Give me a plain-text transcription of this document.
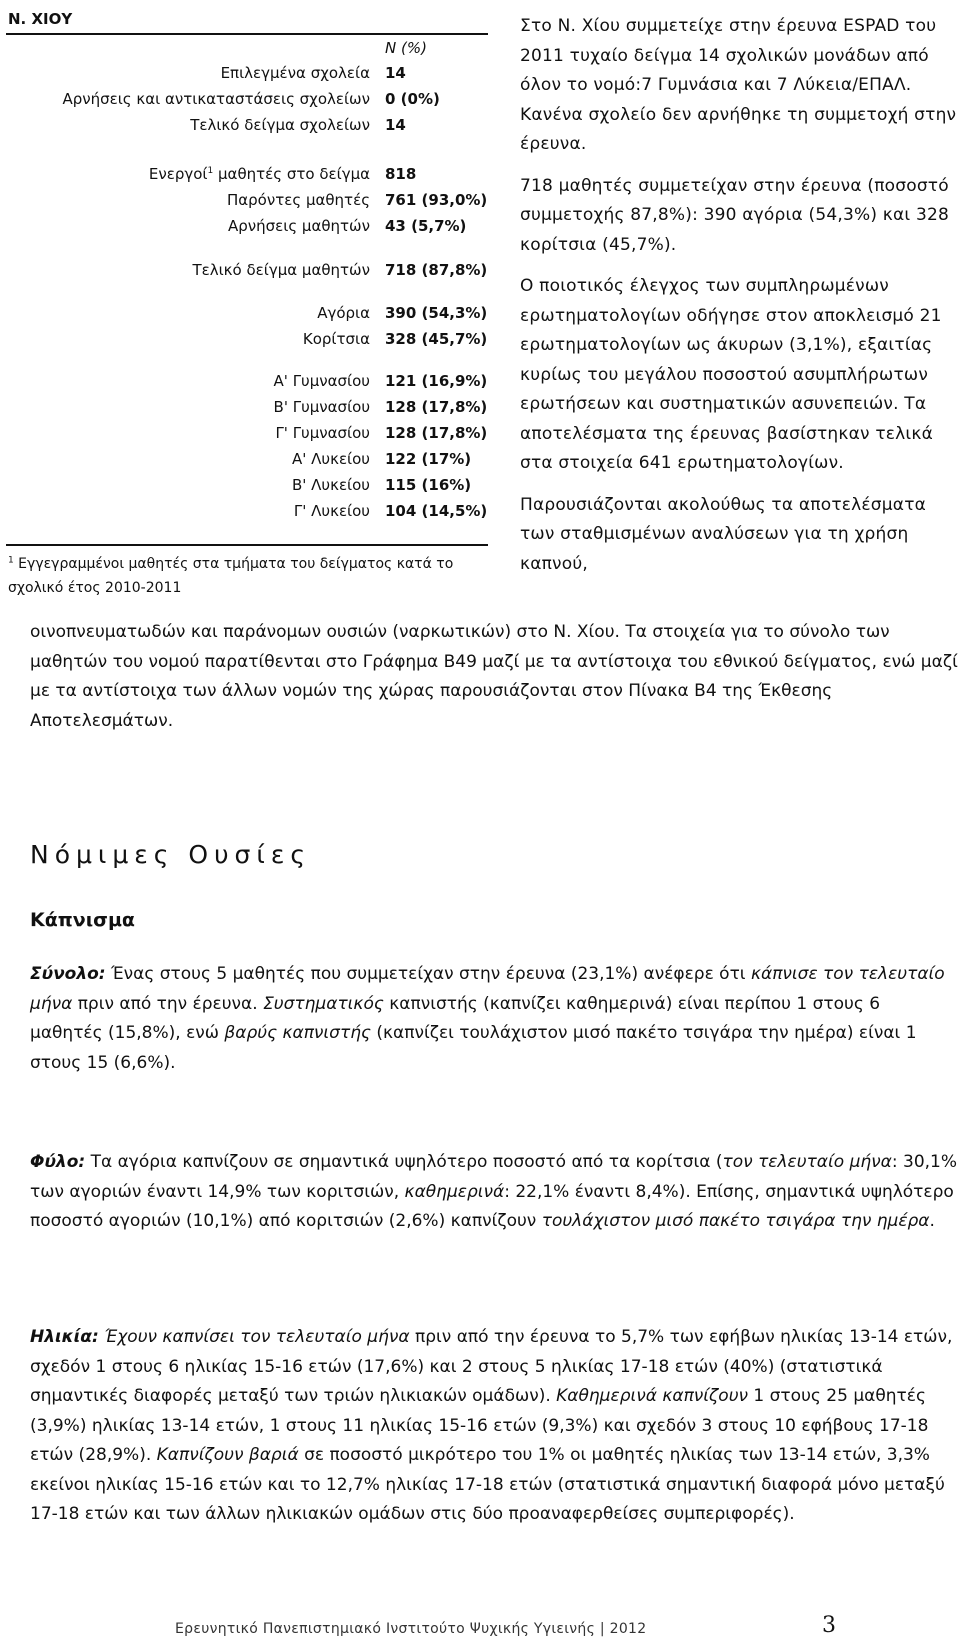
Ν. ΧΙΟΥ
N (%)
Επιλεγμένα σχολεία 14
Αρνήσεις και αντικαταστάσεις σχολείων 0 (0%)
Τελικό δείγμα σχολείων 14
Ενεργοί$^1$ μαθητές στο δείγμα 818
Παρόντες μαθητές 761 (93,0%)
Αρνήσεις μαθητών 43 (5,7%)
Τελικό δείγμα μαθητών 718 (87,8%)
Αγόρια 390 (54,3%)
Κορίτσια 328 (45,7%)
Α' Γυμνασίου 121 (16,9%)
Β' Γυμνασίου 128 (17,8%)
Γ' Γυμνασίου 128 (17,8%)
Α' Λυκείου 122 (17%)
Β' Λυκείου 115 (16%)
Γ' Λυκείου 104 (14,5%)
$^1$ Εγγεγραμμένοι μαθητές στα τμήματα του δείγματος κατά το σχολικό έτος 2010-2011

Στο Ν. Χίου συμμετείχε στην έρευνα ESPAD του 2011 τυχαίο δείγμα 14 σχολικών μονάδων από όλον το νομό:7 Γυμνάσια και 7 Λύκεια/ΕΠΑΛ. Κανένα σχολείο δεν αρνήθηκε τη συμμετοχή στην έρευνα.

718 μαθητές συμμετείχαν στην έρευνα (ποσοστό συμμετοχής 87,8%): 390 αγόρια (54,3%) και 328 κορίτσια (45,7%).

Ο ποιοτικός έλεγχος των συμπληρωμένων ερωτηματολογίων οδήγησε στον αποκλεισμό 21 ερωτηματολογίων ως άκυρων (3,1%), εξαιτίας κυρίως του μεγάλου ποσοστού ασυμπλήρωτων ερωτήσεων και συστηματικών ασυνεπειών. Τα αποτελέσματα της έρευνας βασίστηκαν τελικά στα στοιχεία 641 ερωτηματολογίων.

Παρουσιάζονται ακολούθως τα αποτελέσματα των σταθμισμένων αναλύσεων για τη χρήση καπνού,

οινοπνευματωδών και παράνομων ουσιών (ναρκωτικών) στο Ν. Χίου. Τα στοιχεία για το σύνολο των μαθητών του νομού παρατίθενται στο Γράφημα Β49 μαζί με τα αντίστοιχα του εθνικού δείγματος, ενώ μαζί με τα αντίστοιχα των άλλων νομών της χώρας παρουσιάζονται στον Πίνακα Β4 της Έκθεσης Αποτελεσμάτων.
Νόμιμες Ουσίες
Κάπνισμα
Σύνολο: Ένας στους 5 μαθητές που συμμετείχαν στην έρευνα (23,1%) ανέφερε ότι κάπνισε τον τελευταίο μήνα πριν από την έρευνα. Συστηματικός καπνιστής (καπνίζει καθημερινά) είναι περίπου 1 στους 6 μαθητές (15,8%), ενώ βαρύς καπνιστής (καπνίζει τουλάχιστον μισό πακέτο τσιγάρα την ημέρα) είναι 1 στους 15 (6,6%).
Φύλο: Τα αγόρια καπνίζουν σε σημαντικά υψηλότερο ποσοστό από τα κορίτσια (τον τελευταίο μήνα: 30,1% των αγοριών έναντι 14,9% των κοριτσιών, καθημερινά: 22,1% έναντι 8,4%). Επίσης, σημαντικά υψηλότερο ποσοστό αγοριών (10,1%) από κοριτσιών (2,6%) καπνίζουν τουλάχιστον μισό πακέτο τσιγάρα την ημέρα.
Ηλικία: Έχουν καπνίσει τον τελευταίο μήνα πριν από την έρευνα το 5,7% των εφήβων ηλικίας 13-14 ετών, σχεδόν 1 στους 6 ηλικίας 15-16 ετών (17,6%) και 2 στους 5 ηλικίας 17-18 ετών (40%) (στατιστικά σημαντικές διαφορές μεταξύ των τριών ηλικιακών ομάδων). Καθημερινά καπνίζουν 1 στους 25 μαθητές (3,9%) ηλικίας 13-14 ετών, 1 στους 11 ηλικίας 15-16 ετών (9,3%) και σχεδόν 3 στους 10 εφήβους 17-18 ετών (28,9%). Καπνίζουν βαριά σε ποσοστό μικρότερο του 1% οι μαθητές ηλικίας των 13-14 ετών, 3,3% εκείνοι ηλικίας 15-16 ετών και το 12,7% ηλικίας 17-18 ετών (στατιστικά σημαντική διαφορά μόνο μεταξύ 17-18 ετών και των άλλων ηλικιακών ομάδων στις δύο προαναφερθείσες συμπεριφορές).
Ερευνητικό Πανεπιστημιακό Ινστιτούτο Ψυχικής Υγιεινής | 2012	3
